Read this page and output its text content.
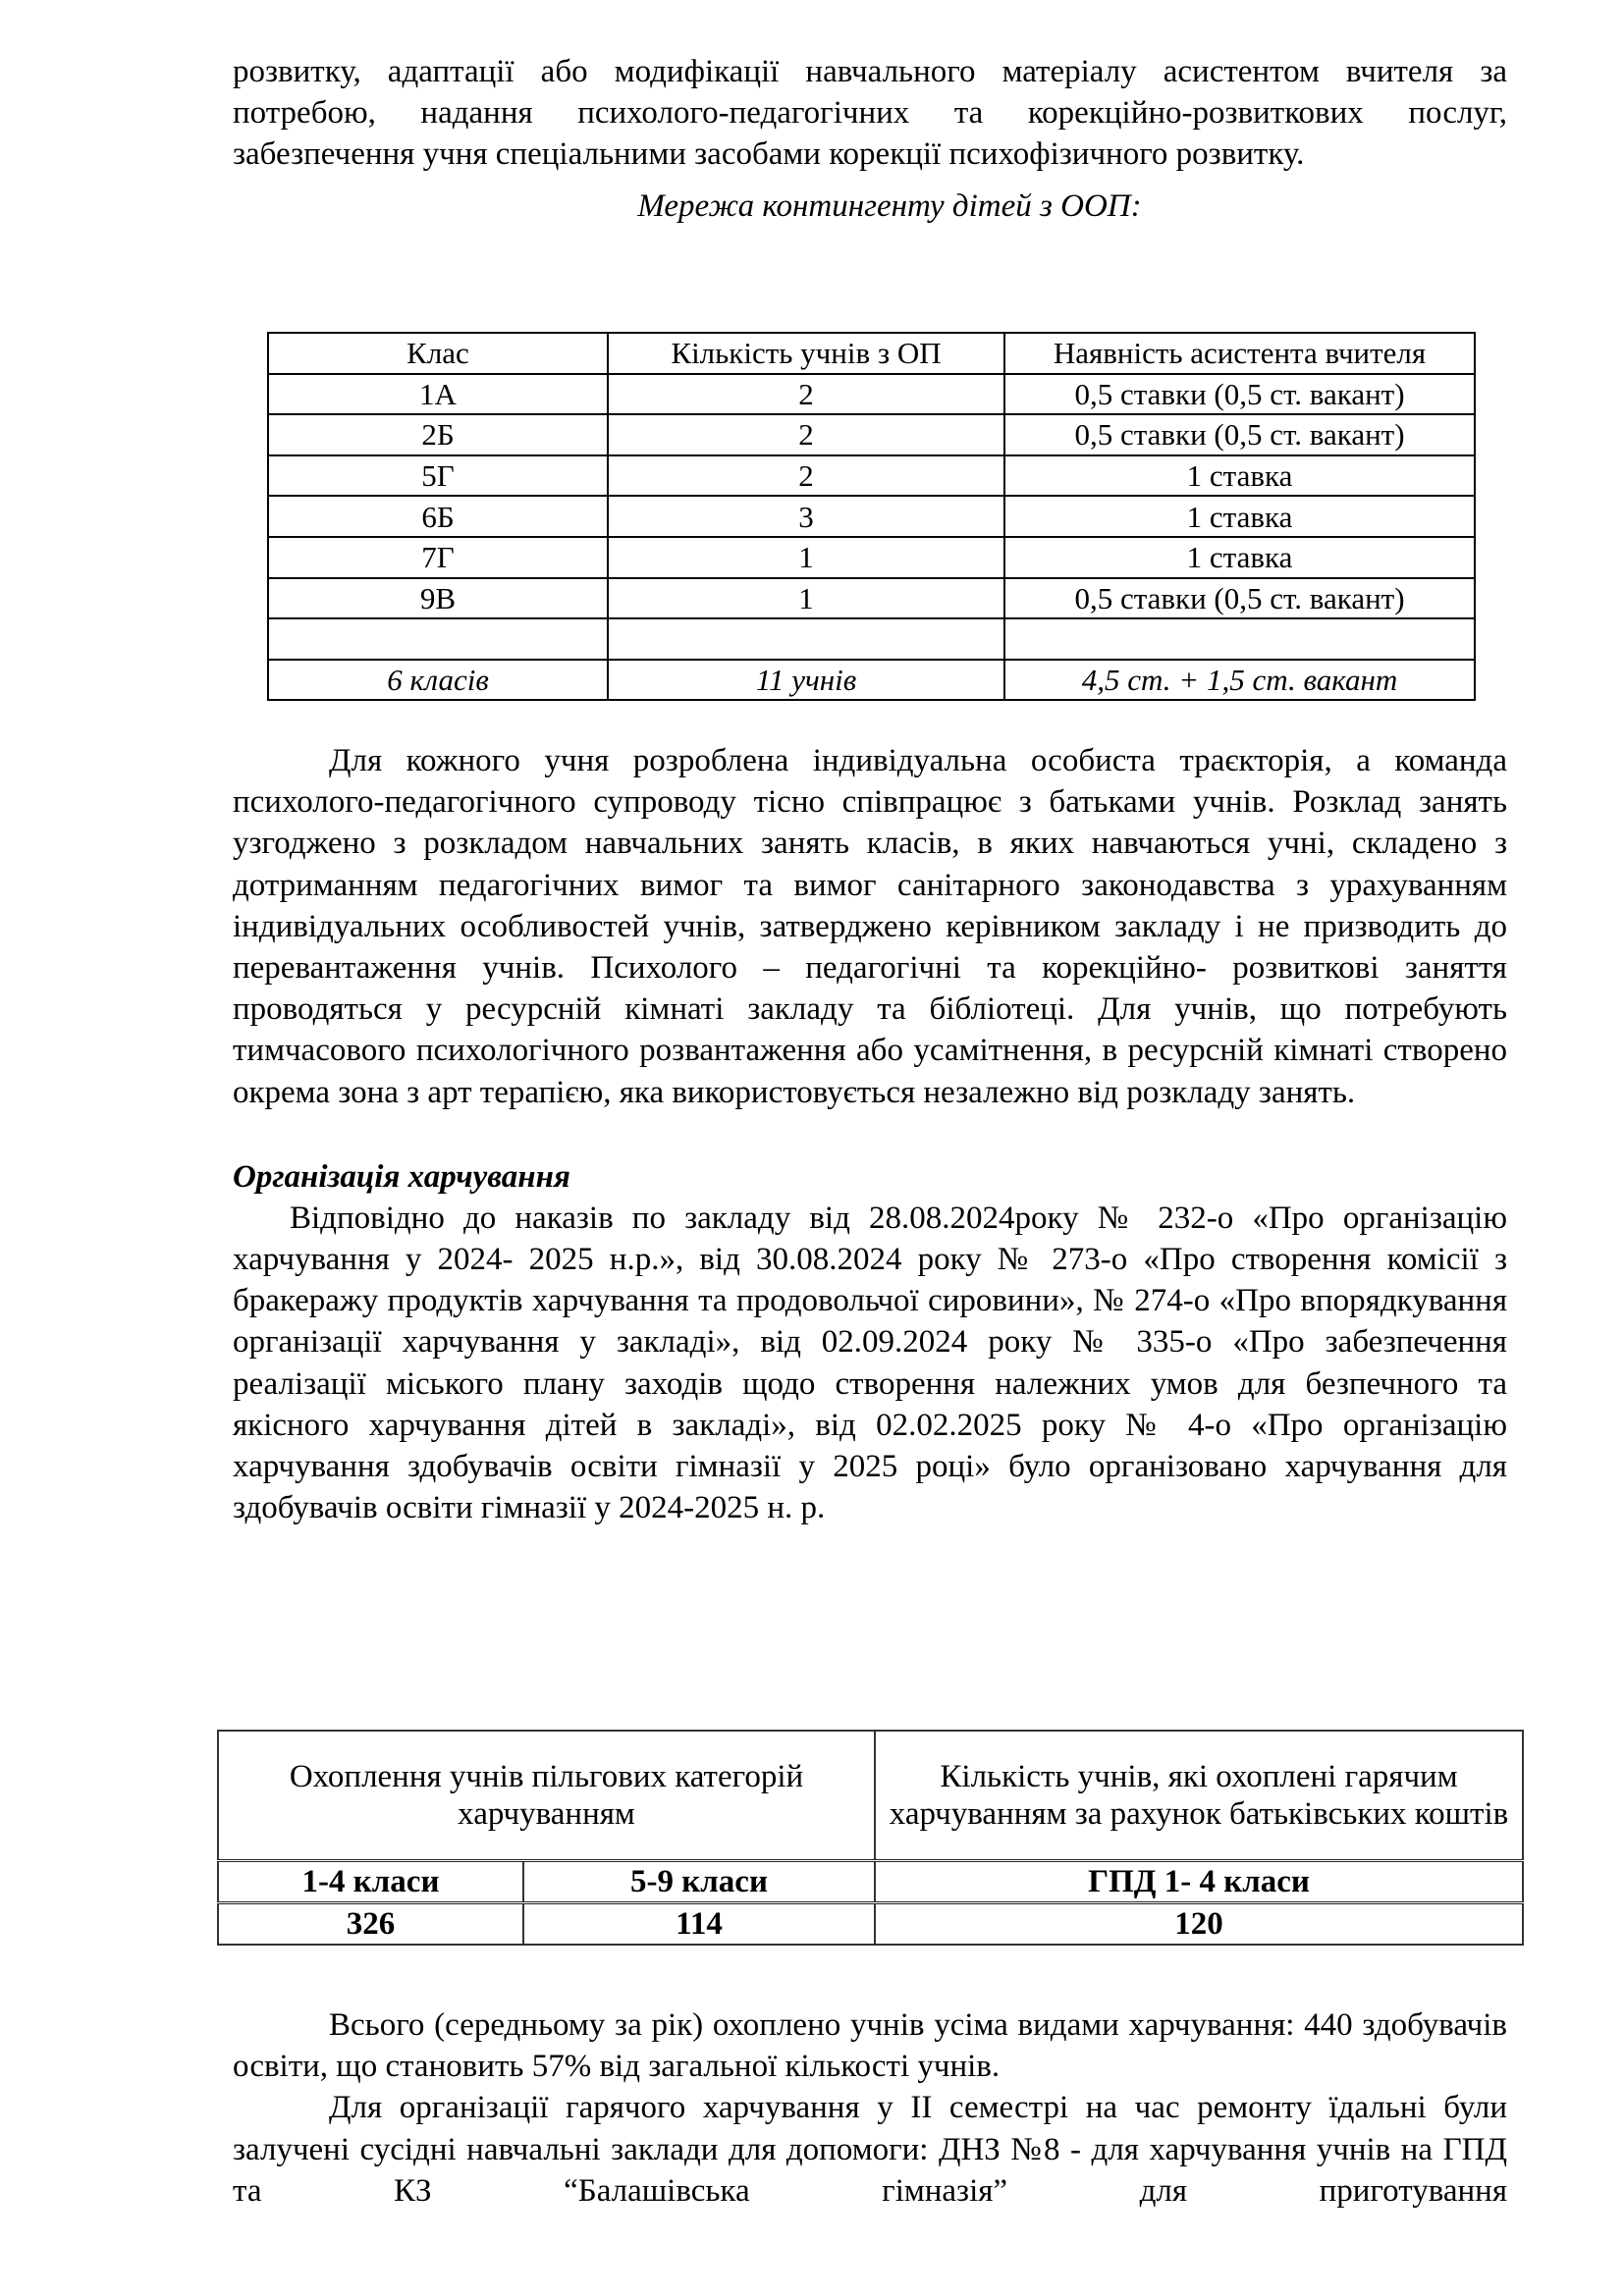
розвитку, адаптації або модифікації навчального матеріалу асистентом вчителя за потребою, надання психолого-педагогічних та корекційно-розвиткових послуг, забезпечення учня спеціальними засобами корекції психофізичного розвитку.

Мережа контингенту дітей з ООП:

Клас	Кількість учнів з ОП	Наявність асистента вчителя
1А	2	0,5 ставки (0,5 ст. вакант)
2Б	2	0,5 ставки (0,5 ст. вакант)
5Г	2	1 ставка
6Б	3	1 ставка
7Г	1	1 ставка
9В	1	0,5 ставки (0,5 ст. вакант)

6 класів	11 учнів	4,5 ст. + 1,5 ст. вакант

Для кожного учня розроблена індивідуальна особиста траєкторія, а команда психолого-педагогічного супроводу тісно співпрацює з батьками учнів. Розклад занять узгоджено з розкладом навчальних занять класів, в яких навчаються учні, складено з дотриманням педагогічних вимог та вимог санітарного законодавства з урахуванням індивідуальних особливостей учнів, затверджено керівником закладу і не призводить до перевантаження учнів. Психолого – педагогічні та корекційно- розвиткові заняття проводяться у ресурсній кімнаті закладу та бібліотеці. Для учнів, що потребують тимчасового психологічного розвантаження або усамітнення, в ресурсній кімнаті створено окрема зона з арт терапією, яка використовується незалежно від розкладу занять.

Організація харчування

Відповідно до наказів по закладу від 28.08.2024року № 232-о «Про організацію харчування у 2024- 2025 н.р.», від 30.08.2024 року № 273-о «Про створення комісії з бракеражу продуктів харчування та продовольчої сировини», № 274-о «Про впорядкування організації харчування у закладі», від 02.09.2024 року № 335-о «Про забезпечення реалізації міського плану заходів щодо створення належних умов для безпечного та якісного харчування дітей в закладі», від 02.02.2025 року № 4-о «Про організацію харчування здобувачів освіти гімназії у 2025 році» було організовано харчування для здобувачів освіти гімназії у 2024-2025 н. р.

Охоплення учнів пільгових категорій харчуванням		Кількість учнів, які охоплені гарячим харчуванням за рахунок батьківських коштів
1-4 класи	5-9 класи	ГПД 1- 4 класи
326	114	120

Всього (середньому за рік) охоплено учнів усіма видами харчування: 440 здобувачів освіти, що становить 57% від загальної кількості учнів.

Для організації гарячого харчування у ІІ семестрі на час ремонту їдальні були залучені сусідні навчальні заклади для допомоги: ДНЗ №8 - для харчування учнів на ГПД та КЗ “Балашівська гімназія” для приготування
